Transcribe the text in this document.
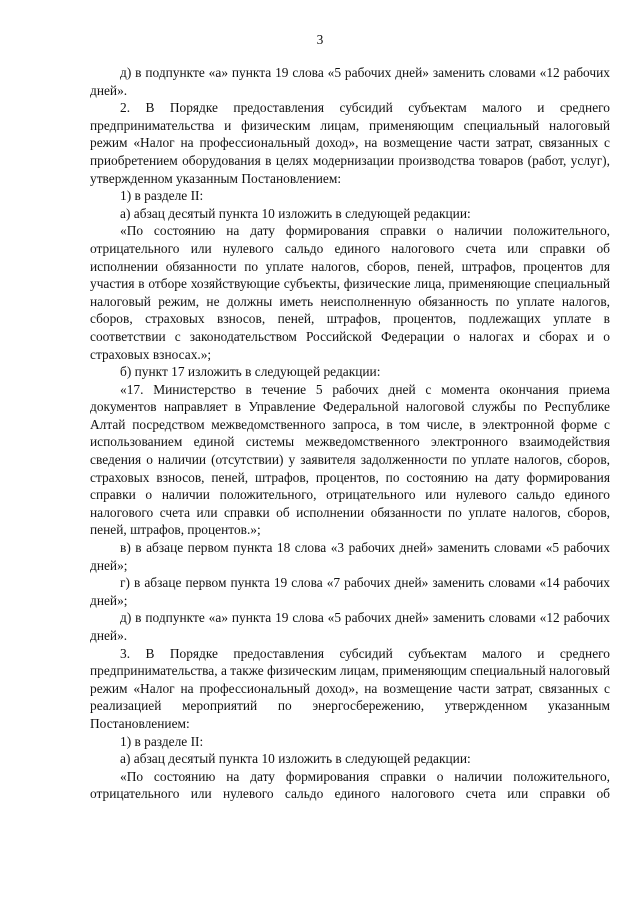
3

д) в подпункте «а» пункта 19 слова «5 рабочих дней» заменить словами «12 рабочих дней».

2. В Порядке предоставления субсидий субъектам малого и среднего предпринимательства и физическим лицам, применяющим специальный налоговый режим «Налог на профессиональный доход», на возмещение части затрат, связанных с приобретением оборудования в целях модернизации производства товаров (работ, услуг), утвержденном указанным Постановлением:

1) в разделе II:

а) абзац десятый пункта 10 изложить в следующей редакции:

«По состоянию на дату формирования справки о наличии положительного, отрицательного или нулевого сальдо единого налогового счета или справки об исполнении обязанности по уплате налогов, сборов, пеней, штрафов, процентов для участия в отборе хозяйствующие субъекты, физические лица, применяющие специальный налоговый режим, не должны иметь неисполненную обязанность по уплате налогов, сборов, страховых взносов, пеней, штрафов, процентов, подлежащих уплате в соответствии с законодательством Российской Федерации о налогах и сборах и о страховых взносах.»;

б) пункт 17 изложить в следующей редакции:

«17. Министерство в течение 5 рабочих дней с момента окончания приема документов направляет в Управление Федеральной налоговой службы по Республике Алтай посредством межведомственного запроса, в том числе, в электронной форме с использованием единой системы межведомственного электронного взаимодействия сведения о наличии (отсутствии) у заявителя задолженности по уплате налогов, сборов, страховых взносов, пеней, штрафов, процентов, по состоянию на дату формирования справки о наличии положительного, отрицательного или нулевого сальдо единого налогового счета или справки об исполнении обязанности по уплате налогов, сборов, пеней, штрафов, процентов.»;

в) в абзаце первом пункта 18 слова «3 рабочих дней» заменить словами «5 рабочих дней»;

г) в абзаце первом пункта 19 слова «7 рабочих дней» заменить словами «14 рабочих дней»;

д) в подпункте «а» пункта 19 слова «5 рабочих дней» заменить словами «12 рабочих дней».

3. В Порядке предоставления субсидий субъектам малого и среднего предпринимательства, а также физическим лицам, применяющим специальный налоговый режим «Налог на профессиональный доход», на возмещение части затрат, связанных с реализацией мероприятий по энергосбережению, утвержденном указанным Постановлением:

1) в разделе II:

а) абзац десятый пункта 10 изложить в следующей редакции:

«По состоянию на дату формирования справки о наличии положительного, отрицательного или нулевого сальдо единого налогового счета или справки об
